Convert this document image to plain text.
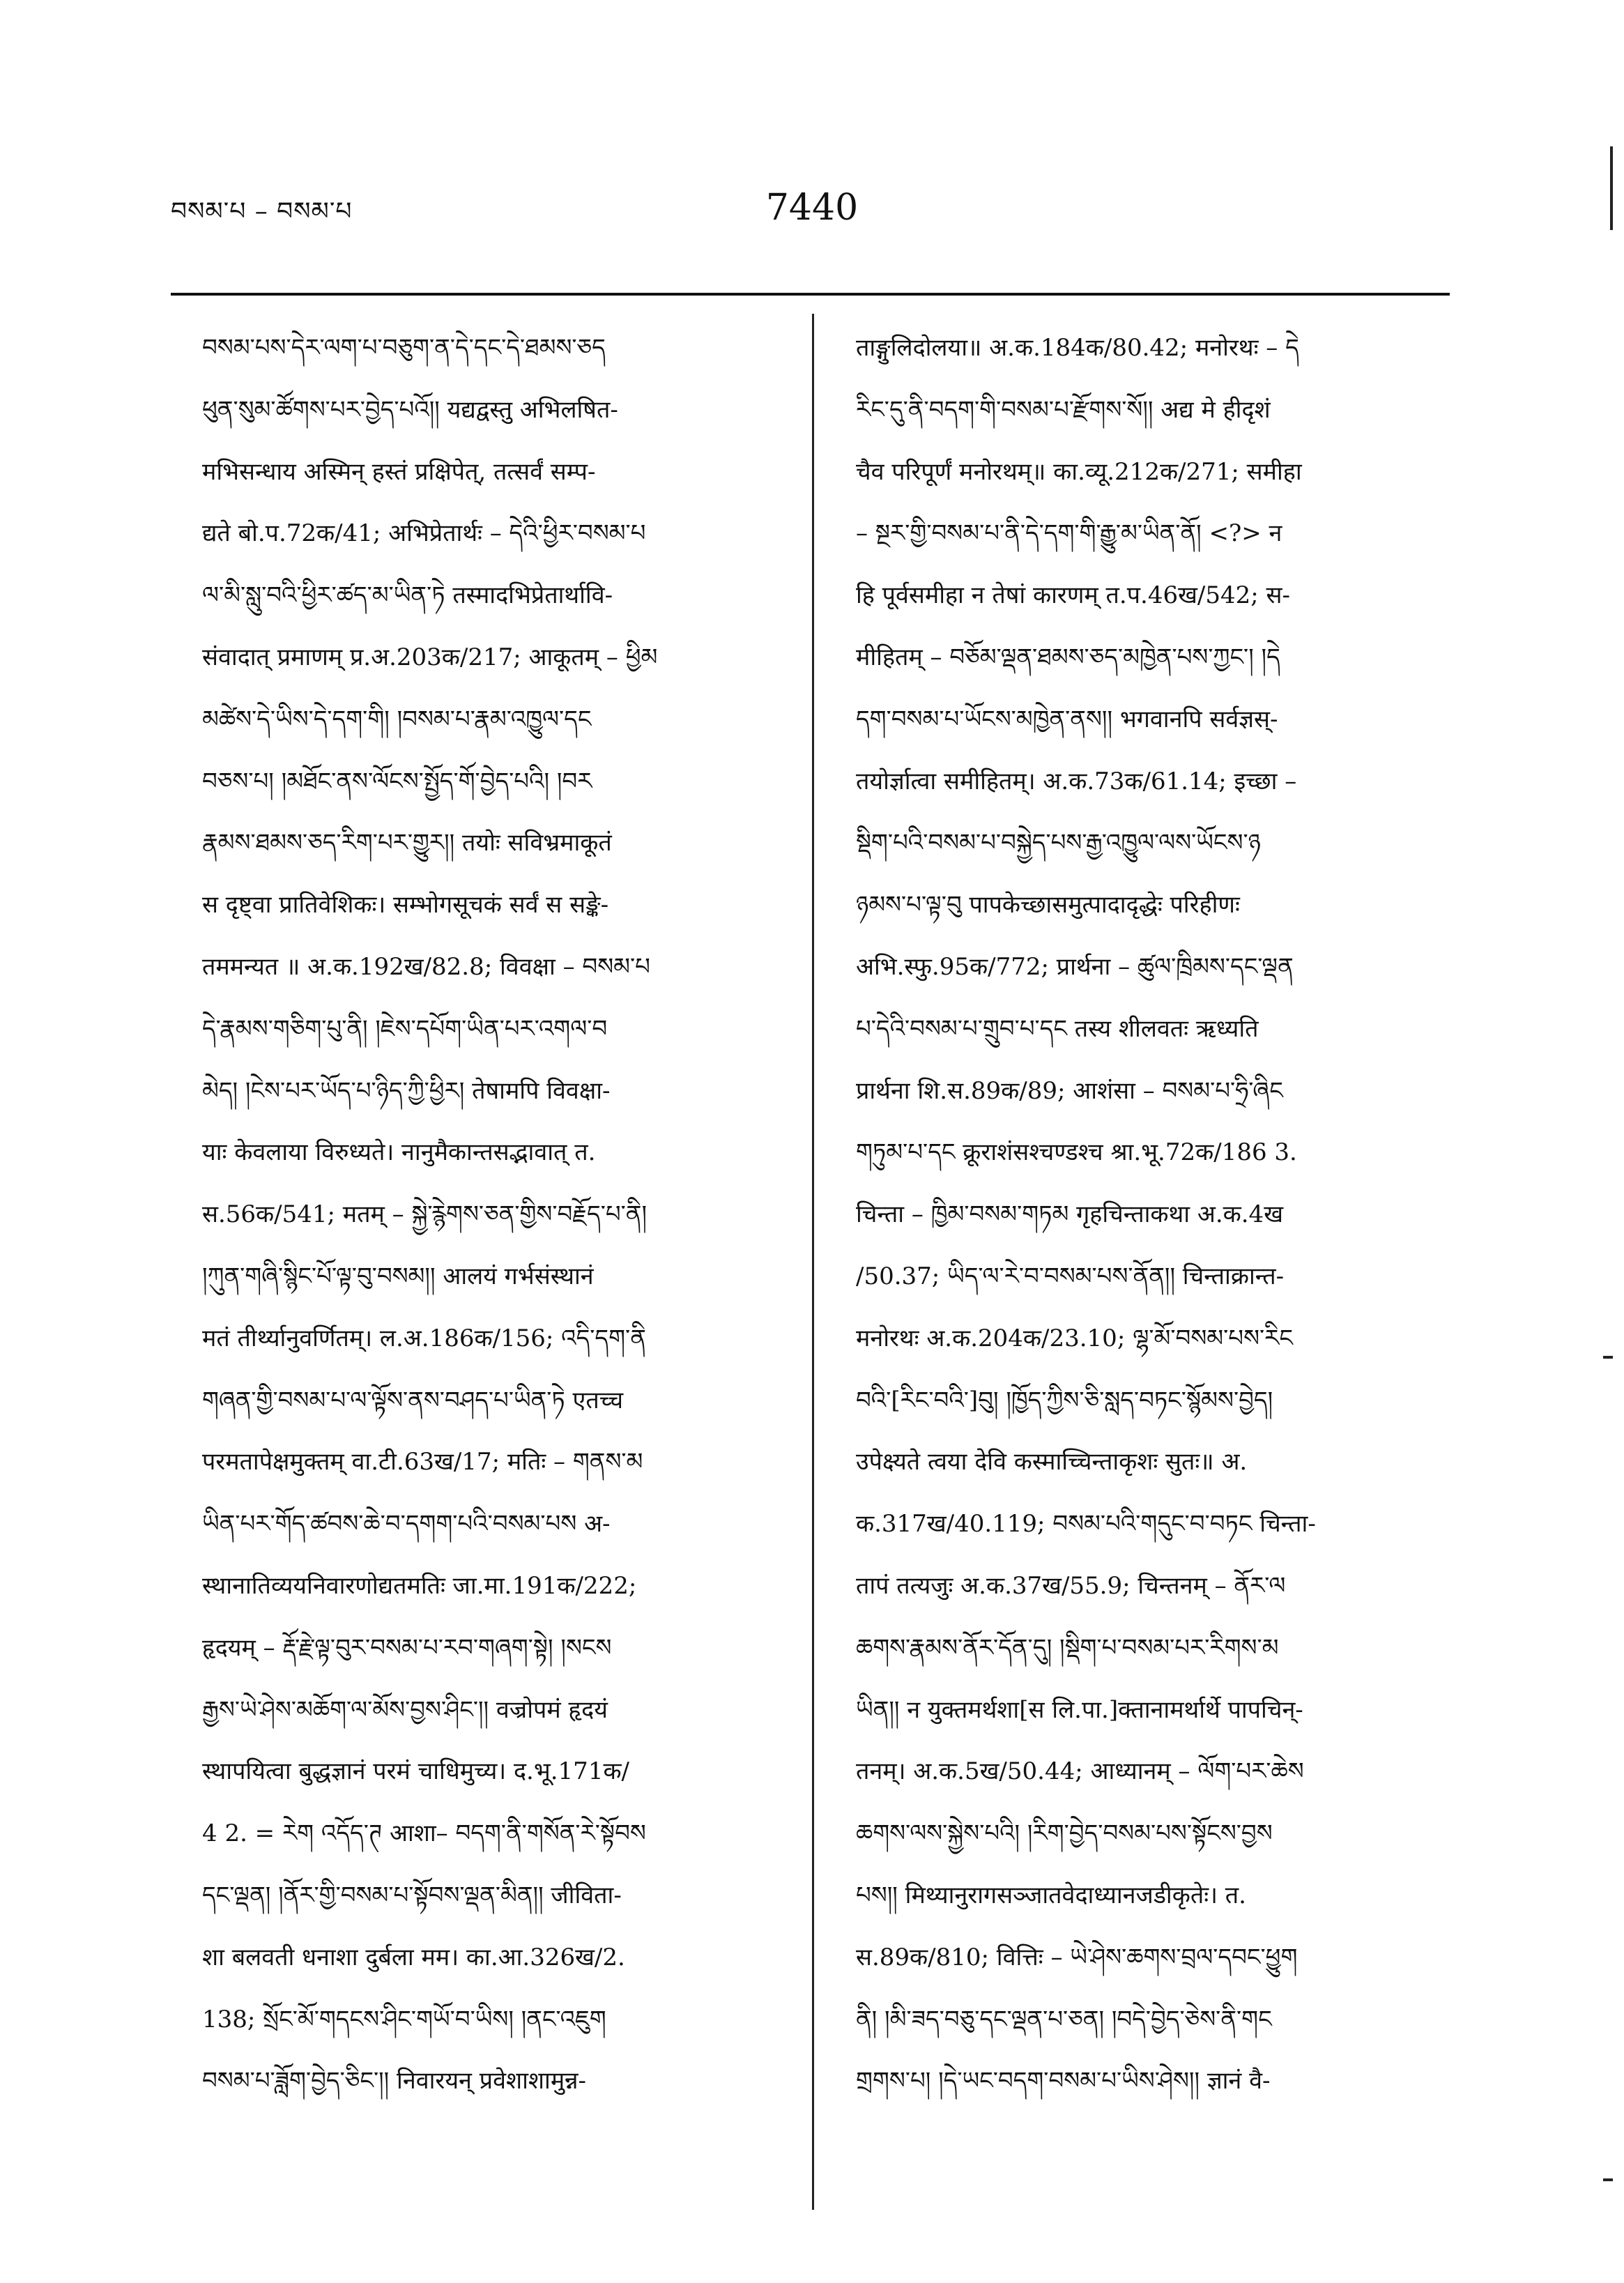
བསམ་པ – བསམ་པ	7440
བསམ་པས་དེར་ལག་པ་བཅུག་ན་དེ་དང་དེ་ཐམས་ཅད
ཕུན་སུམ་ཚོགས་པར་བྱེད་པའོ།། यद्यद्वस्तु अभिलषित-
मभिसन्धाय अस्मिन् हस्तं प्रक्षिपेत्, तत्सर्वं सम्प-
द्यते बो.प.72क/41; अभिप्रेतार्थः – དེའི་ཕྱིར་བསམ་པ
ལ་མི་སླུ་བའི་ཕྱིར་ཚད་མ་ཡིན་ཏེ तस्मादभिप्रेतार्थावि-
संवादात् प्रमाणम् प्र.अ.203क/217; आकूतम् – ཕྱིམ
མཚེས་དེ་ཡིས་དེ་དག་གི། །བསམ་པ་རྣམ་འཁྱུལ་དང
བཅས་པ། །མཐོང་ནས་ལོངས་སྤྱོད་གོ་བྱེད་པའི། །བར
རྣམས་ཐམས་ཅད་རིག་པར་གྱུར།། तयोः सविभ्रमाकूतं
स दृष्ट्वा प्रातिवेशिकः। सम्भोगसूचकं सर्वं स सङ्के-
तममन्यत ॥ अ.क.192ख/82.8; विवक्षा – བསམ་པ
དེ་རྣམས་གཅིག་པུ་ནི། །ཇེས་དཔོག་ཡིན་པར་འགལ་བ
མེད། །ངེས་པར་ཡོད་པ་ཉིད་ཀྱི་ཕྱིར། तेषामपि विवक्षा-
याः केवलाया विरुध्यते। नानुमैकान्तसद्भावात् त.
स.56क/541; मतम् – སྐྱེ་རྙེགས་ཅན་གྱིས་བརྗོད་པ་ནི།
།ཀུན་གཞི་སྙིང་པོ་ལྟ་བུ་བསམ།། आलयं गर्भसंस्थानं
मतं तीर्थ्यानुवर्णितम्। ल.अ.186क/156; འདི་དག་ནི
གཞན་གྱི་བསམ་པ་ལ་ལྟོས་ནས་བཤད་པ་ཡིན་ཏེ एतच्च
परमतापेक्षमुक्तम् वा.टी.63ख/17; मतिः – གནས་མ
ཡིན་པར་གོད་ཚབས་ཆེ་བ་དགག་པའི་བསམ་པས अ-
स्थानातिव्ययनिवारणोद्यतमतिः जा.मा.191क/222;
हृदयम् – རྡོ་རྗེ་ལྟ་བུར་བསམ་པ་རབ་གཞག་སྟེ། །སངས
རྒྱས་ཡེ་ཤེས་མཆོག་ལ་མོས་བྱས་ཤིང་།། वज्रोपमं हृदयं
स्थापयित्वा बुद्धज्ञानं परमं चाधिमुच्य। द.भू.171क/
4 2. = རེག འདོད་ཊ आशा– བདག་ནི་གསོན་རེ་སྟོབས
དང་ལྡན། །ནོར་གྱི་བསམ་པ་སྟོབས་ལྡན་མིན།། जीविता-
शा बलवती धनाशा दुर्बला मम। का.आ.326ख/2.
138; སྲོང་མོ་གདངས་ཤིང་གཡོ་བ་ཡིས། །ནང་འཇུག
བསམ་པ་ཟློག་བྱེད་ཅིང་།། निवारयन् प्रवेशाशामुन्न-
ताङ्गुलिदोलया॥ अ.क.184क/80.42; मनोरथः – དེ
རིང་དུ་ནི་བདག་གི་བསམ་པ་རྫོགས་སོ།། अद्य मे हीदृशं
चैव परिपूर्णं मनोरथम्॥ का.व्यू.212क/271; समीहा
– སྔར་གྱི་བསམ་པ་ནི་དེ་དག་གི་རྒྱུ་མ་ཡིན་ནོ། <?> न
हि पूर्वसमीहा न तेषां कारणम् त.प.46ख/542; स-
मीहितम् – བཅོམ་ལྡན་ཐམས་ཅད་མཁྱེན་པས་ཀྱང་། །དེ
དག་བསམ་པ་ཡོངས་མཁྱེན་ནས།། भगवानपि सर्वज्ञस्-
तयोर्ज्ञात्वा समीहितम्। अ.क.73क/61.14; इच्छा –
སྡིག་པའི་བསམ་པ་བསྐྱེད་པས་རྒྱ་འཁྱུལ་ལས་ཡོངས་ཉ
ཉམས་པ་ལྟ་བུ पापकेच्छासमुत्पादादृद्धेः परिहीणः
अभि.स्फु.95क/772; प्रार्थना – ཚུལ་ཁྲིམས་དང་ལྡན
པ་དེའི་བསམ་པ་གྲུབ་པ་དང तस्य शीलवतः ऋध्यति
प्रार्थना शि.स.89क/89; आशंसा – བསམ་པ་ཧྲི་ཞིང
གཏུམ་པ་དང क्रूराशंसश्चण्डश्च श्रा.भू.72क/186 3.
चिन्ता – ཁྱིམ་བསམ་གཏམ गृहचिन्ताकथा अ.क.4ख
/50.37; ཡིད་ལ་རེ་བ་བསམ་པས་ནོན།། चिन्ताक्रान्त-
मनोरथः अ.क.204क/23.10; ལྷ་མོ་བསམ་པས་རིང
བའི་[རིང་བའི་]བུ། །ཁྱོད་ཀྱིས་ཅི་སླད་བཏང་སྙོམས་བྱེད།
उपेक्ष्यते त्वया देवि कस्माच्चिन्ताकृशः सुतः॥ अ.
क.317ख/40.119; བསམ་པའི་གདུང་བ་བཏང चिन्ता-
तापं तत्यजुः अ.क.37ख/55.9; चिन्तनम् – ནོར་ལ
ཆགས་རྣམས་ནོར་དོན་དུ། །སྡིག་པ་བསམ་པར་རིགས་མ
ཡིན།། न युक्तमर्थशा[स लि.पा.]क्तानामर्थार्थे पापचिन्-
तनम्। अ.क.5ख/50.44; आध्यानम् – ལོག་པར་ཆེས
ཆགས་ལས་སྐྱེས་པའི། །རིག་བྱེད་བསམ་པས་སྟོངས་བྱས
པས།། मिथ्यानुरागसञ्जातवेदाध्यानजडीकृतेः। त.
स.89क/810; वित्तिः – ཡེ་ཤེས་ཆགས་བྲལ་དབང་ཕྱུག
ནི། །མི་ཟད་བཅུ་དང་ལྡན་པ་ཅན། །བདེ་བྱེད་ཅེས་ནི་གང
གྲགས་པ། །དེ་ཡང་བདག་བསམ་པ་ཡིས་ཤེས།། ज्ञानं वै-
